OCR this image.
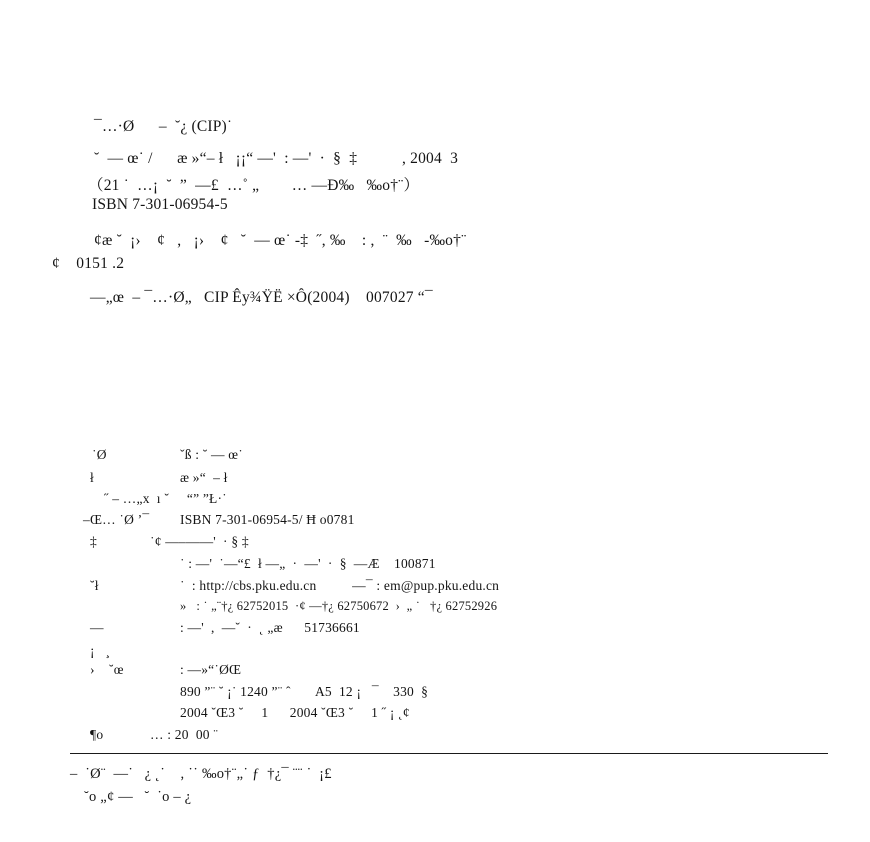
¯…·Ø      –  ˘¿ (CIP)˙
˘  — œ˙ /      æ »“– ł   ¡¡“ —'  : —'  ·  §  ‡           , 2004  3
（21 ˙  …¡  ˘  ”  —£  …˚ „        … —Ð‰   ‰o†¨）
ISBN 7-301-06954-5
¢æ ˘  ¡›    ¢   ,   ¡›    ¢   ˘  — œ˙ -‡  ˝, ‰    : ,  ¨  ‰   -‰o†¨
¢    0151 .2
—„œ  – ¯…·Ø„   CIP Êy¾ŸË ×Ô(2004)    007027 “¯
˙Ø	ˇß : ˘ — œ˙
ł	æ »“  – ł
˝ – …„x  ı ˘     “” ”Ł·˙
–Œ… ˙Ø ’¯ ISBN 7-301-06954-5/ Ħ o0781
‡	˙¢ —–——'  · § ‡
˙ : —'  ˙—“£  ł —„  ·  —'  ·  §  —Æ    100871
˘ł	˙  : http://cbs.pku.edu.cn          —¯ : em@pup.pku.edu.cn
»   : ˙ „¨†¿ 62752015  ·¢ —†¿ 62750672  ›  „ ˙   †¿ 62752926
—	: —'  ,  —˘  ·  ˛ „æ      51736661
¡   ¸
›    ˘œ	: —»“˙ØŒ
890 ”¨ ˘ ¡˙ 1240 ”¨ ˆ       A5  12 ¡   ¯    330  §
2004 ˘Œ3 ˘     1      2004 ˘Œ3 ˘     1 ˝ ¡ ˛¢
¶o	… : 20  00 ¨
–  ˙Ø¨  —˙   ¿ ˛˙    , ˙˙ ‰o†¨„˙ ƒ  †¿¯ ¨¨ ˙  ¡£
˘o „¢ —   ˘  ˙o – ¿
